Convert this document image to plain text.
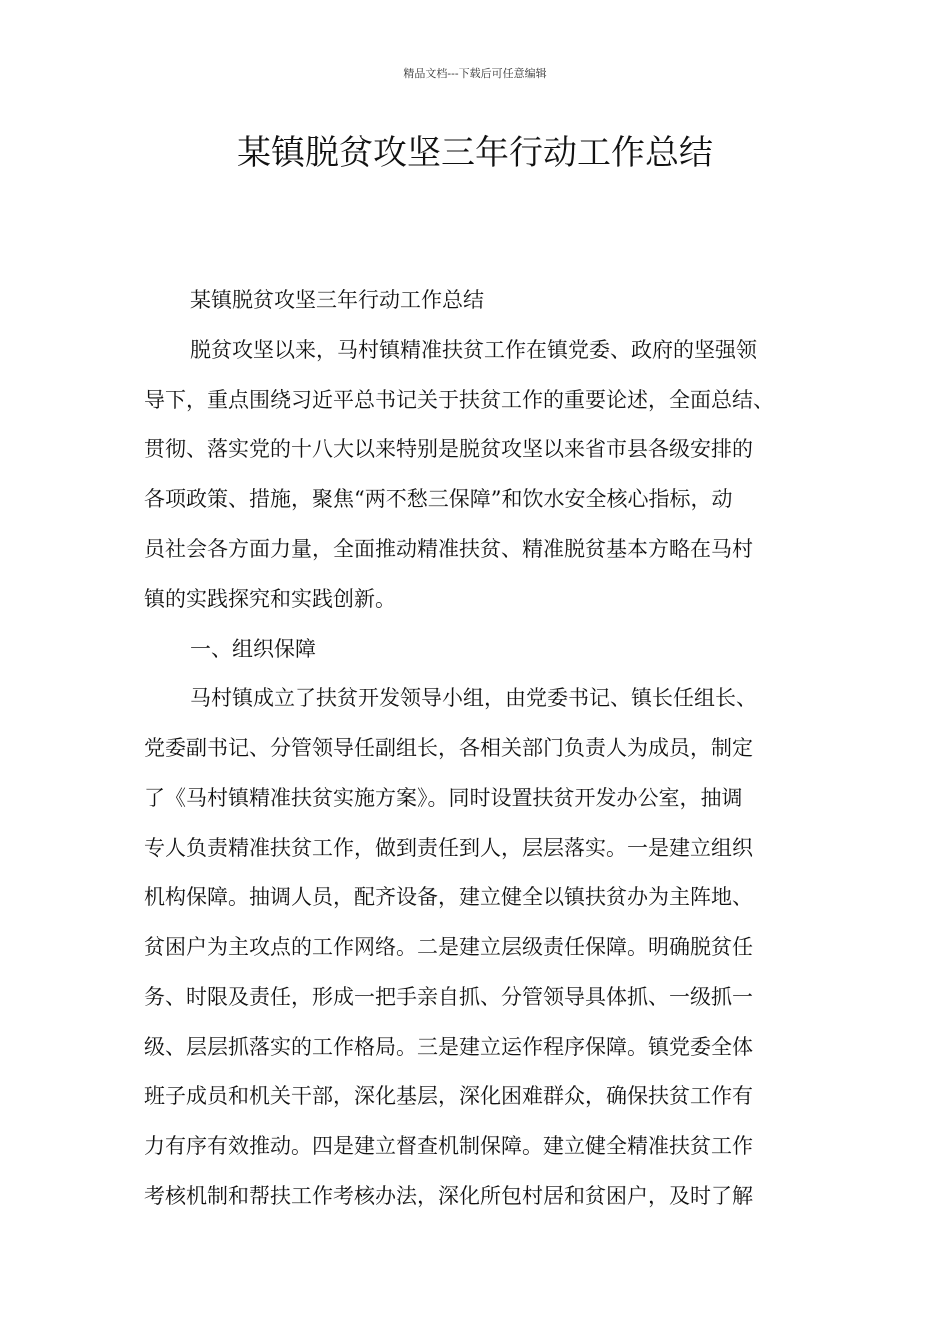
精品文档---下载后可任意编辑
某镇脱贫攻坚三年行动工作总结
某镇脱贫攻坚三年行动工作总结
脱贫攻坚以来，马村镇精准扶贫工作在镇党委、政府的坚强领
导下，重点围绕习近平总书记关于扶贫工作的重要论述，全面总结、
贯彻、落实党的十八大以来特别是脱贫攻坚以来省市县各级安排的
各项政策、措施，聚焦“两不愁三保障”和饮水安全核心指标，动
员社会各方面力量，全面推动精准扶贫、精准脱贫基本方略在马村
镇的实践探究和实践创新。
一、组织保障
马村镇成立了扶贫开发领导小组，由党委书记、镇长任组长、
党委副书记、分管领导任副组长，各相关部门负责人为成员，制定
了《马村镇精准扶贫实施方案》。同时设置扶贫开发办公室，抽调
专人负责精准扶贫工作，做到责任到人，层层落实。一是建立组织
机构保障。抽调人员，配齐设备，建立健全以镇扶贫办为主阵地、
贫困户为主攻点的工作网络。二是建立层级责任保障。明确脱贫任
务、时限及责任，形成一把手亲自抓、分管领导具体抓、一级抓一
级、层层抓落实的工作格局。三是建立运作程序保障。镇党委全体
班子成员和机关干部，深化基层，深化困难群众，确保扶贫工作有
力有序有效推动。四是建立督查机制保障。建立健全精准扶贫工作
考核机制和帮扶工作考核办法，深化所包村居和贫困户，及时了解
